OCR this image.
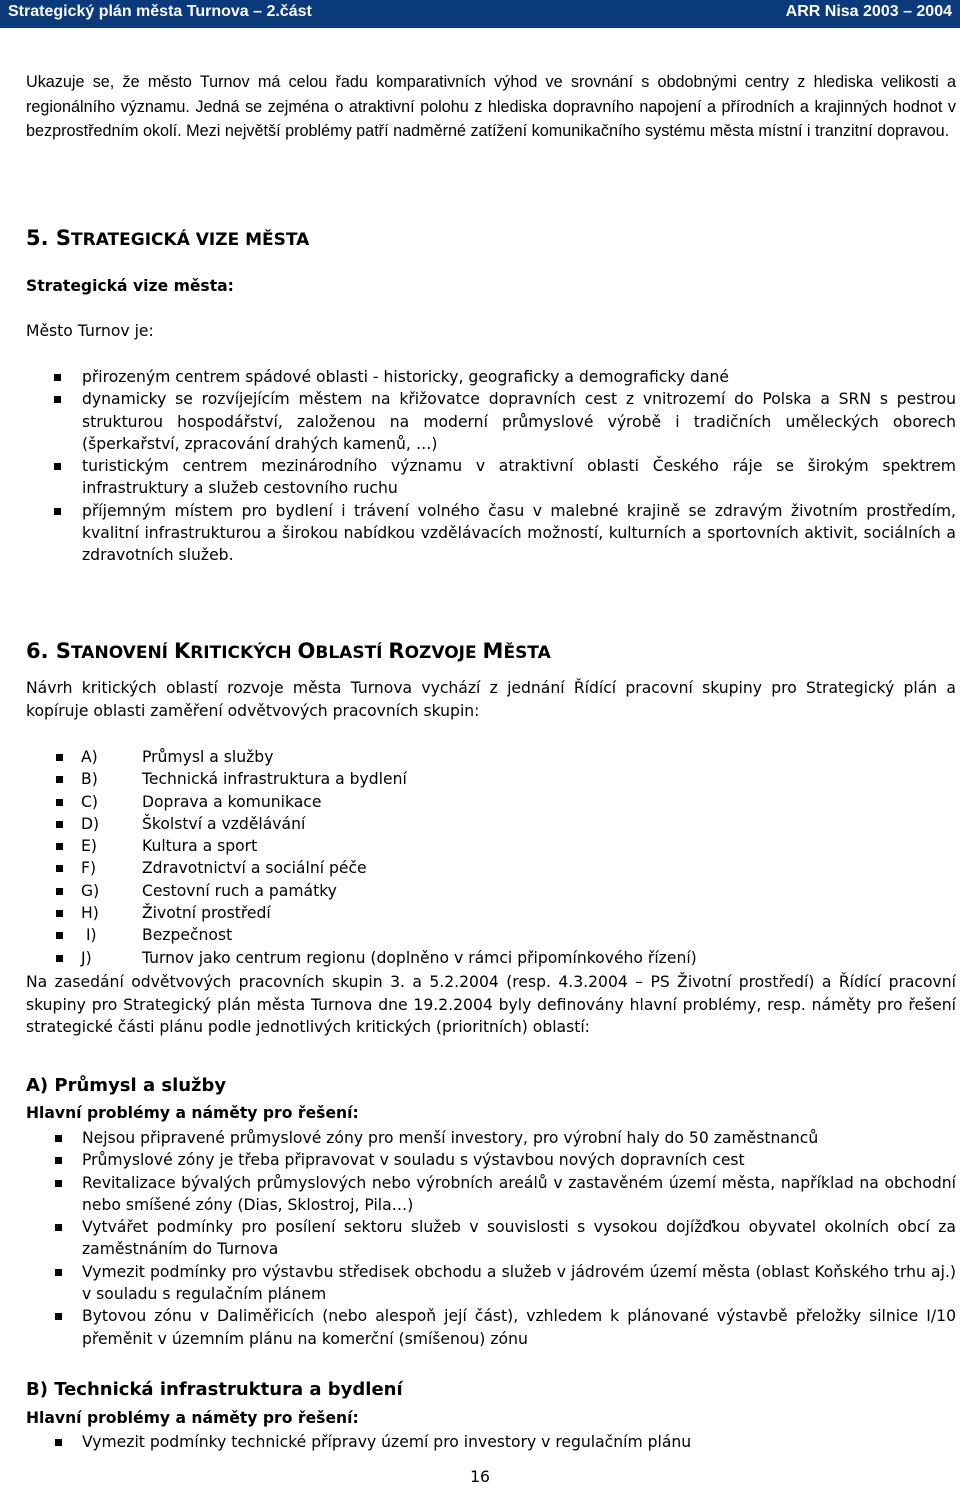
Strategický plán města Turnova – 2.část	ARR Nisa 2003 – 2004
Ukazuje se, že město Turnov má celou řadu komparativních výhod ve srovnání s obdobnými centry z hlediska velikosti a regionálního významu. Jedná se zejména o atraktivní polohu z hlediska dopravního napojení a přírodních a krajinných hodnot v bezprostředním okolí. Mezi největší problémy patří nadměrné zatížení komunikačního systému města místní i tranzitní dopravou.
5. STRATEGICKÁ VIZE MĚSTA
Strategická vize města:
Město Turnov je:
přirozeným centrem spádové oblasti - historicky, geograficky a demograficky dané
dynamicky se rozvíjejícím městem na křižovatce dopravních cest z vnitrozemí do Polska a SRN s pestrou strukturou hospodářství, založenou na moderní průmyslové výrobě i tradičních uměleckých oborech (šperkařství, zpracování drahých kamenů, …)
turistickým centrem mezinárodního významu v atraktivní oblasti Českého ráje se širokým spektrem infrastruktury a služeb cestovního ruchu
příjemným místem pro bydlení i trávení volného času v malebné krajině se zdravým životním prostředím, kvalitní infrastrukturou a širokou nabídkou vzdělávacích možností, kulturních a sportovních aktivit, sociálních a zdravotních služeb.
6. STANOVENÍ KRITICKÝCH OBLASTÍ ROZVOJE MĚSTA
Návrh kritických oblastí rozvoje města Turnova vychází z jednání Řídící pracovní skupiny pro Strategický plán a kopíruje oblasti zaměření odvětvových pracovních skupin:
A)	Průmysl a služby
B)	Technická infrastruktura a bydlení
C)	Doprava a komunikace
D)	Školství a vzdělávání
E)	Kultura a sport
F)	Zdravotnictví a sociální péče
G)	Cestovní ruch a památky
H)	Životní prostředí
I)	Bezpečnost
J)	Turnov jako centrum regionu (doplněno v rámci připomínkového řízení)
Na zasedání odvětvových pracovních skupin 3. a 5.2.2004 (resp. 4.3.2004 – PS Životní prostředí) a Řídící pracovní skupiny pro Strategický plán města Turnova dne 19.2.2004 byly definovány hlavní problémy, resp. náměty pro řešení strategické části plánu podle jednotlivých kritických (prioritních) oblastí:
A) Průmysl a služby
Hlavní problémy a náměty pro řešení:
Nejsou připravené průmyslové zóny pro menší investory, pro výrobní haly do 50 zaměstnanců
Průmyslové zóny je třeba připravovat v souladu s výstavbou nových dopravních cest
Revitalizace bývalých průmyslových nebo výrobních areálů v zastavěném území města, například na obchodní nebo smíšené zóny (Dias, Sklostroj, Pila…)
Vytvářet podmínky pro posílení sektoru služeb v souvislosti s vysokou dojížďkou obyvatel okolních obcí za zaměstnáním do Turnova
Vymezit podmínky pro výstavbu středisek obchodu a služeb v jádrovém území města (oblast Koňského trhu aj.) v souladu s regulačním plánem
Bytovou zónu v Daliměřicích (nebo alespoň její část), vzhledem k plánované výstavbě přeložky silnice I/10 přeměnit v územním plánu na komerční (smíšenou) zónu
B) Technická infrastruktura a bydlení
Hlavní problémy a náměty pro řešení:
Vymezit podmínky technické přípravy území pro investory v regulačním plánu
16
